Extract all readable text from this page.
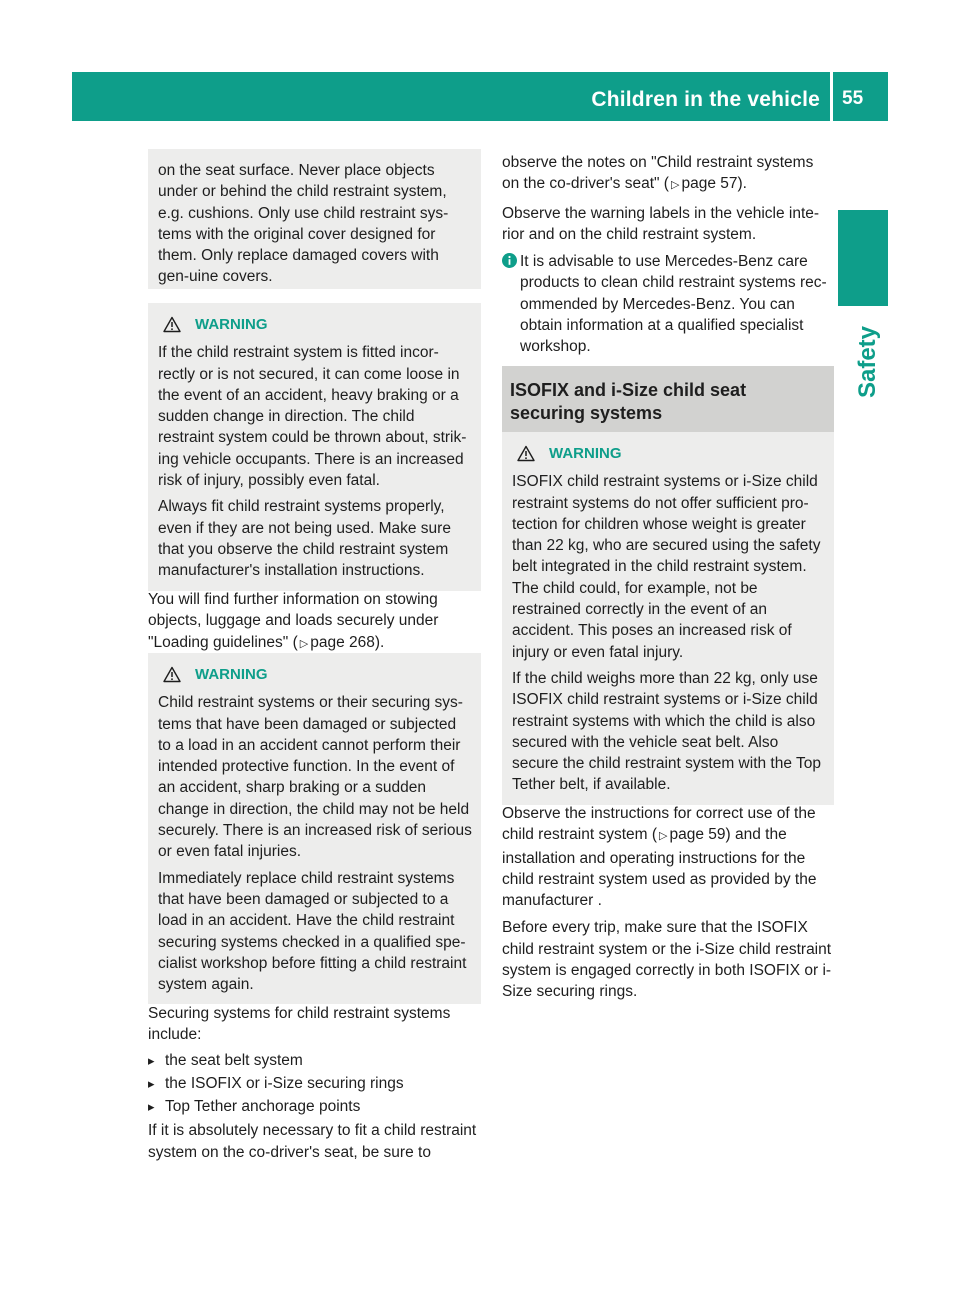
Children in the vehicle 55
Safety

on the seat surface. Never place objects under or behind the child restraint system, e.g. cushions. Only use child restraint sys-tems with the original cover designed for them. Only replace damaged covers with gen-uine covers.

WARNING

If the child restraint system is fitted incor-rectly or is not secured, it can come loose in the event of an accident, heavy braking or a sudden change in direction. The child restraint system could be thrown about, strik-ing vehicle occupants. There is an increased risk of injury, possibly even fatal.

Always fit child restraint systems properly, even if they are not being used. Make sure that you observe the child restraint system manufacturer's installation instructions.

You will find further information on stowing objects, luggage and loads securely under "Loading guidelines" ( ▷ page 268).

WARNING

Child restraint systems or their securing sys-tems that have been damaged or subjected to a load in an accident cannot perform their intended protective function. In the event of an accident, sharp braking or a sudden change in direction, the child may not be held securely. There is an increased risk of serious or even fatal injuries.

Immediately replace child restraint systems that have been damaged or subjected to a load in an accident. Have the child restraint securing systems checked in a qualified spe-cialist workshop before fitting a child restraint system again.

Securing systems for child restraint systems include:

▸ the seat belt system
▸ the ISOFIX or i-Size securing rings
▸ Top Tether anchorage points

If it is absolutely necessary to fit a child restraint system on the co-driver's seat, be sure to

observe the notes on "Child restraint systems on the co-driver's seat" ( ▷ page 57).

Observe the warning labels in the vehicle inte-rior and on the child restraint system.

It is advisable to use Mercedes-Benz care products to clean child restraint systems rec-ommended by Mercedes-Benz. You can obtain information at a qualified specialist workshop.
ISOFIX and i-Size child seat securing systems
WARNING

ISOFIX child restraint systems or i-Size child restraint systems do not offer sufficient pro-tection for children whose weight is greater than 22 kg, who are secured using the safety belt integrated in the child restraint system. The child could, for example, not be restrained correctly in the event of an accident. This poses an increased risk of injury or even fatal injury.

If the child weighs more than 22 kg, only use ISOFIX child restraint systems or i-Size child restraint systems with which the child is also secured with the vehicle seat belt. Also secure the child restraint system with the Top Tether belt, if available.

Observe the instructions for correct use of the child restraint system ( ▷ page 59) and the installation and operating instructions for the child restraint system used as provided by the manufacturer .

Before every trip, make sure that the ISOFIX child restraint system or the i-Size child restraint system is engaged correctly in both ISOFIX or i-Size securing rings.
